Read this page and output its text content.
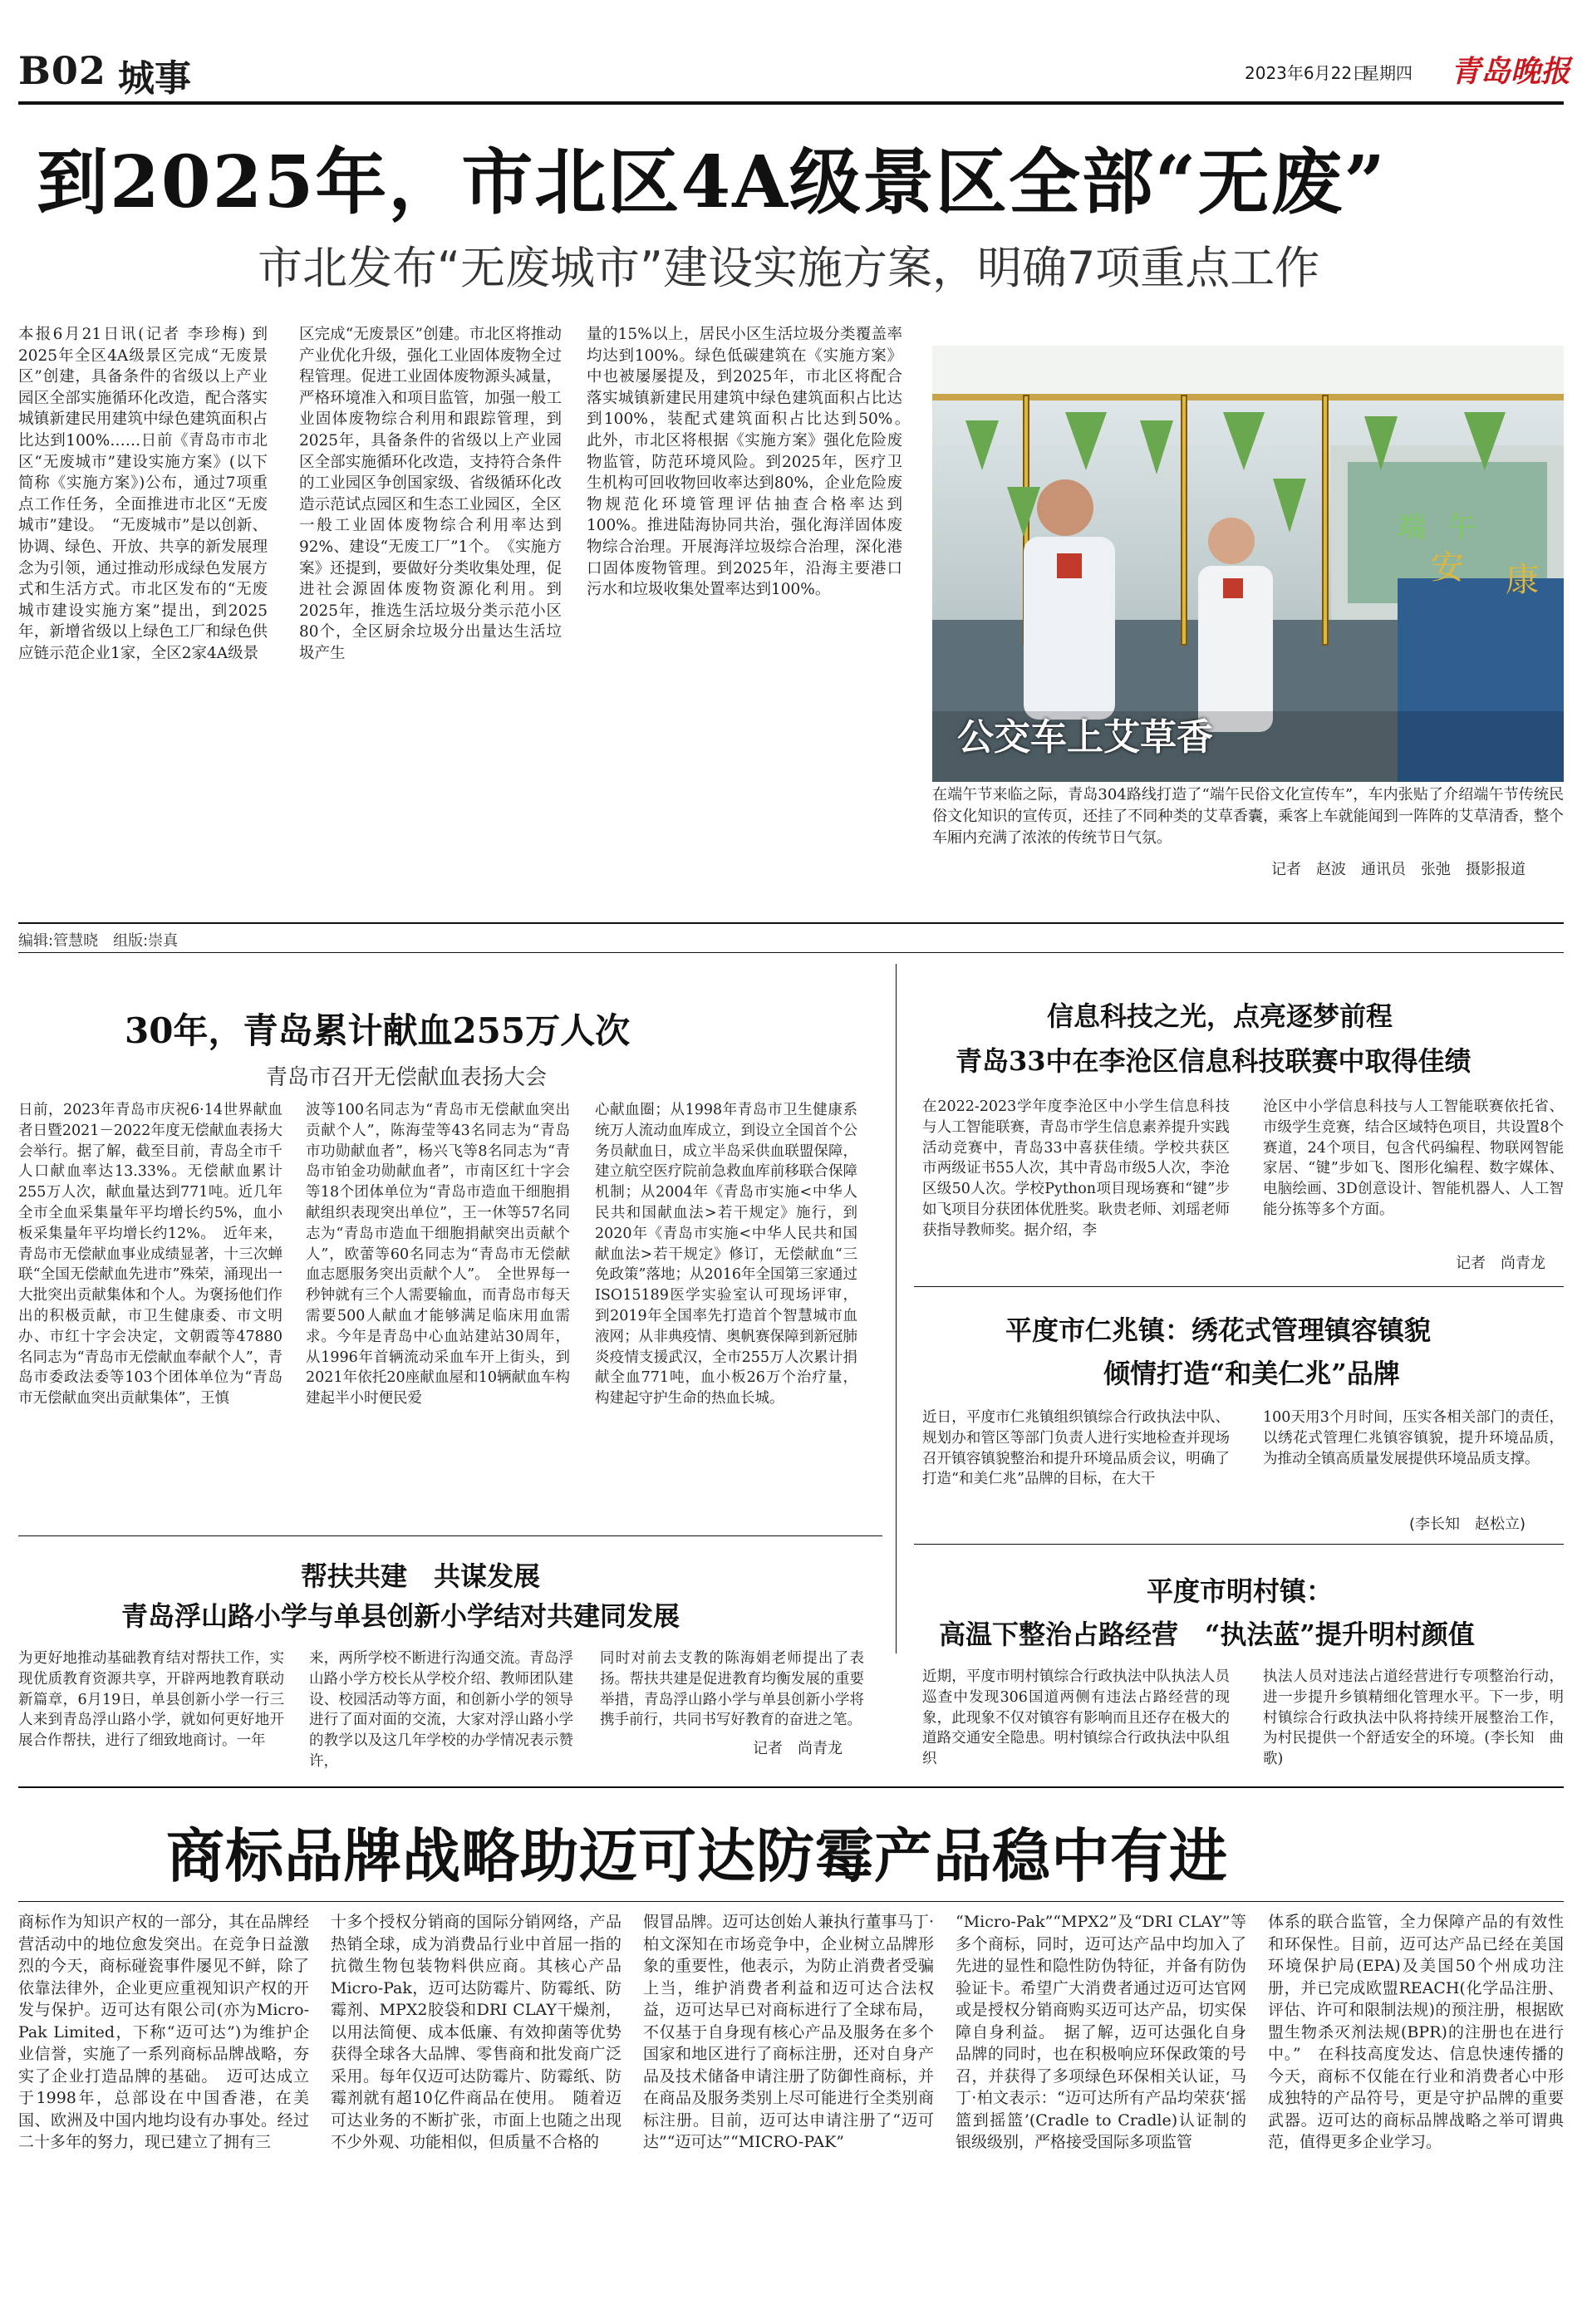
B02 城事	2023年6月22日
星期四 青岛晚报
到2025年，市北区4A级景区全部“无废”
市北发布“无废城市”建设实施方案，明确7项重点工作
本报6月21日讯(记者 李珍梅) 到2025年全区4A级景区完成“无废景区”创建，具备条件的省级以上产业园区全部实施循环化改造，配合落实城镇新建民用建筑中绿色建筑面积占比达到100%……日前《青岛市市北区“无废城市”建设实施方案》(以下简称《实施方案》)公布，通过7项重点工作任务，全面推进市北区“无废城市”建设。　“无废城市”是以创新、协调、绿色、开放、共享的新发展理念为引领，通过推动形成绿色发展方式和生活方式。市北区发布的“无废城市建设实施方案”提出，到2025年，新增省级以上绿色工厂和绿色供应链示范企业1家，全区2家4A级景
区完成“无废景区”创建。市北区将推动产业优化升级，强化工业固体废物全过程管理。促进工业固体废物源头减量，严格环境准入和项目监管，加强一般工业固体废物综合利用和跟踪管理，到2025年，具备条件的省级以上产业园区全部实施循环化改造，支持符合条件的工业园区争创国家级、省级循环化改造示范试点园区和生态工业园区，全区一般工业固体废物综合利用率达到92%、建设“无废工厂”1个。　《实施方案》还提到，要做好分类收集处理，促进社会源固体废物资源化利用。到2025年，推选生活垃圾分类示范小区80个，全区厨余垃圾分出量达生活垃圾产生
量的15%以上，居民小区生活垃圾分类覆盖率均达到100%。绿色低碳建筑在《实施方案》中也被屡屡提及，到2025年，市北区将配合落实城镇新建民用建筑中绿色建筑面积占比达到100%，装配式建筑面积占比达到50%。　此外，市北区将根据《实施方案》强化危险废物监管，防范环境风险。到2025年，医疗卫生机构可回收物回收率达到80%，企业危险废物规范化环境管理评估抽查合格率达到100%。推进陆海协同共治，强化海洋固体废物综合治理。开展海洋垃圾综合治理，深化港口固体废物管理。到2025年，沿海主要港口污水和垃圾收集处置率达到100%。
端 午
安 康
公交车上艾草香
在端午节来临之际，青岛304路线打造了“端午民俗文化宣传车”，车内张贴了介绍端午节传统民俗文化知识的宣传页，还挂了不同种类的艾草香囊，乘客上车就能闻到一阵阵的艾草清香，整个车厢内充满了浓浓的传统节日气氛。
记者　赵波　通讯员　张弛　摄影报道
编辑:管慧晓　组版:崇真
30年，青岛累计献血255万人次
青岛市召开无偿献血表扬大会
日前，2023年青岛市庆祝6·14世界献血者日暨2021－2022年度无偿献血表扬大会举行。据了解，截至目前，青岛全市千人口献血率达13.33%。无偿献血累计255万人次，献血量达到771吨。近几年全市全血采集量年平均增长约5%，血小板采集量年平均增长约12%。　近年来，青岛市无偿献血事业成绩显著，十三次蝉联“全国无偿献血先进市”殊荣，涌现出一大批突出贡献集体和个人。为褒扬他们作出的积极贡献，市卫生健康委、市文明办、市红十字会决定，文朝霞等47880名同志为“青岛市无偿献血奉献个人”，青岛市委政法委等103个团体单位为“青岛市无偿献血突出贡献集体”，王慎
波等100名同志为“青岛市无偿献血突出贡献个人”，陈海莹等43名同志为“青岛市功勋献血者”，杨兴飞等8名同志为“青岛市铂金功勋献血者”，市南区红十字会等18个团体单位为“青岛市造血干细胞捐献组织表现突出单位”，王一休等57名同志为“青岛市造血干细胞捐献突出贡献个人”，欧蕾等60名同志为“青岛市无偿献血志愿服务突出贡献个人”。　全世界每一秒钟就有三个人需要输血，而青岛市每天需要500人献血才能够满足临床用血需求。今年是青岛中心血站建站30周年，从1996年首辆流动采血车开上街头，到2021年依托20座献血屋和10辆献血车构建起半小时便民爱
心献血圈；从1998年青岛市卫生健康系统万人流动血库成立，到设立全国首个公务员献血日，成立半岛采供血联盟保障，建立航空医疗院前急救血库前移联合保障机制；从2004年《青岛市实施<中华人民共和国献血法>若干规定》施行，到2020年《青岛市实施<中华人民共和国献血法>若干规定》修订，无偿献血“三免政策”落地；从2016年全国第三家通过ISO15189医学实验室认可现场评审，到2019年全国率先打造首个智慧城市血液网；从非典疫情、奥帆赛保障到新冠肺炎疫情支援武汉，全市255万人次累计捐献全血771吨，血小板26万个治疗量，构建起守护生命的热血长城。
信息科技之光，点亮逐梦前程
青岛33中在李沧区信息科技联赛中取得佳绩
在2022-2023学年度李沧区中小学生信息科技与人工智能联赛，青岛市学生信息素养提升实践活动竞赛中，青岛33中喜获佳绩。学校共获区市两级证书55人次，其中青岛市级5人次，李沧区级50人次。学校Python项目现场赛和“键”步如飞项目分获团体优胜奖。耿贵老师、刘瑶老师获指导教师奖。据介绍，李
沧区中小学信息科技与人工智能联赛依托省、市级学生竞赛，结合区域特色项目，共设置8个赛道，24个项目，包含代码编程、物联网智能家居、“键”步如飞、图形化编程、数字媒体、电脑绘画、3D创意设计、智能机器人、人工智能分拣等多个方面。
记者　尚青龙
平度市仁兆镇：绣花式管理镇容镇貌
倾情打造“和美仁兆”品牌
近日，平度市仁兆镇组织镇综合行政执法中队、规划办和管区等部门负责人进行实地检查并现场召开镇容镇貌整治和提升环境品质会议，明确了打造“和美仁兆”品牌的目标，在大干
100天用3个月时间，压实各相关部门的责任，以绣花式管理仁兆镇容镇貌，提升环境品质，为推动全镇高质量发展提供环境品质支撑。
(李长知　赵松立)
帮扶共建　共谋发展
青岛浮山路小学与单县创新小学结对共建同发展
为更好地推动基础教育结对帮扶工作，实现优质教育资源共享，开辟两地教育联动新篇章，6月19日，单县创新小学一行三人来到青岛浮山路小学，就如何更好地开展合作帮扶，进行了细致地商讨。一年
来，两所学校不断进行沟通交流。青岛浮山路小学方校长从学校介绍、教师团队建设、校园活动等方面，和创新小学的领导进行了面对面的交流，大家对浮山路小学的教学以及这几年学校的办学情况表示赞许，
同时对前去支教的陈海娟老师提出了表扬。帮扶共建是促进教育均衡发展的重要举措，青岛浮山路小学与单县创新小学将携手前行，共同书写好教育的奋进之笔。
记者　尚青龙
平度市明村镇：
高温下整治占路经营　“执法蓝”提升明村颜值
近期，平度市明村镇综合行政执法中队执法人员巡查中发现306国道两侧有违法占路经营的现象，此现象不仅对镇容有影响而且还存在极大的道路交通安全隐患。明村镇综合行政执法中队组织
执法人员对违法占道经营进行专项整治行动，进一步提升乡镇精细化管理水平。下一步，明村镇综合行政执法中队将持续开展整治工作，为村民提供一个舒适安全的环境。(李长知　曲歌)
商标品牌战略助迈可达防霉产品稳中有进
商标作为知识产权的一部分，其在品牌经营活动中的地位愈发突出。在竞争日益激烈的今天，商标碰瓷事件屡见不鲜，除了依靠法律外，企业更应重视知识产权的开发与保护。迈可达有限公司(亦为Micro-Pak Limited，下称“迈可达”)为维护企业信誉，实施了一系列商标品牌战略，夯实了企业打造品牌的基础。　迈可达成立于1998年，总部设在中国香港，在美国、欧洲及中国内地均设有办事处。经过二十多年的努力，现已建立了拥有三
十多个授权分销商的国际分销网络，产品热销全球，成为消费品行业中首屈一指的抗微生物包装物料供应商。其核心产品Micro-Pak，迈可达防霉片、防霉纸、防霉剂、MPX2胶袋和DRI CLAY干燥剂，以用法简便、成本低廉、有效抑菌等优势获得全球各大品牌、零售商和批发商广泛采用。每年仅迈可达防霉片、防霉纸、防霉剂就有超10亿件商品在使用。　随着迈可达业务的不断扩张，市面上也随之出现不少外观、功能相似，但质量不合格的
假冒品牌。迈可达创始人兼执行董事马丁·柏文深知在市场竞争中，企业树立品牌形象的重要性，他表示，为防止消费者受骗上当，维护消费者利益和迈可达合法权益，迈可达早已对商标进行了全球布局，不仅基于自身现有核心产品及服务在多个国家和地区进行了商标注册，还对自身产品及技术储备申请注册了防御性商标，并在商品及服务类别上尽可能进行全类别商标注册。目前，迈可达申请注册了“迈可达”“迈可达”“MICRO-PAK”
“Micro-Pak”“MPX2”及“DRI CLAY”等多个商标，同时，迈可达产品中均加入了先进的显性和隐性防伪特征，并备有防伪验证卡。希望广大消费者通过迈可达官网或是授权分销商购买迈可达产品，切实保障自身利益。　据了解，迈可达强化自身品牌的同时，也在积极响应环保政策的号召，并获得了多项绿色环保相关认证，马丁·柏文表示：“迈可达所有产品均荣获‘摇篮到摇篮’(Cradle to Cradle)认证制的银级级别，严格接受国际多项监管
体系的联合监管，全力保障产品的有效性和环保性。目前，迈可达产品已经在美国环境保护局(EPA)及美国50个州成功注册，并已完成欧盟REACH(化学品注册、评估、许可和限制法规)的预注册，根据欧盟生物杀灭剂法规(BPR)的注册也在进行中。”　在科技高度发达、信息快速传播的今天，商标不仅能在行业和消费者心中形成独特的产品符号，更是守护品牌的重要武器。迈可达的商标品牌战略之举可谓典范，值得更多企业学习。
